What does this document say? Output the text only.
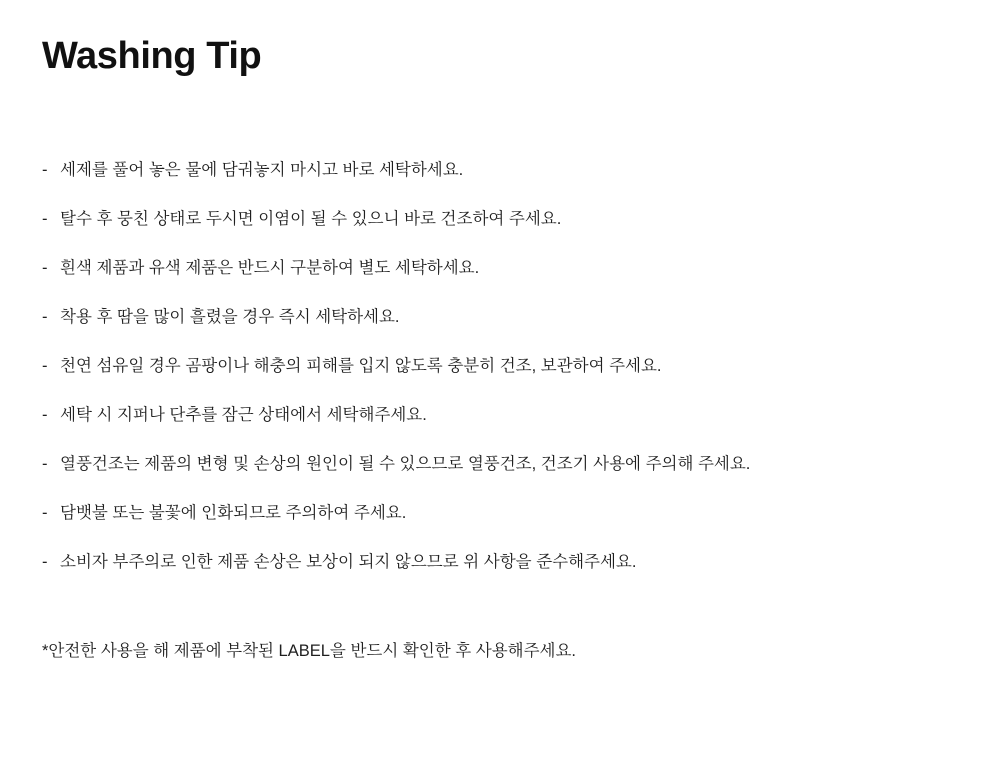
Washing Tip
- 세제를 풀어 놓은 물에 담궈놓지 마시고 바로 세탁하세요.
- 탈수 후 뭉친 상태로 두시면 이염이 될 수 있으니 바로 건조하여 주세요.
- 흰색 제품과 유색 제품은 반드시 구분하여 별도 세탁하세요.
- 착용 후 땀을 많이 흘렸을 경우 즉시 세탁하세요.
- 천연 섬유일 경우 곰팡이나 해충의 피해를 입지 않도록 충분히 건조, 보관하여 주세요.
- 세탁 시 지퍼나 단추를 잠근 상태에서 세탁해주세요.
- 열풍건조는 제품의 변형 및 손상의 원인이 될 수 있으므로 열풍건조, 건조기 사용에 주의해 주세요.
- 담뱃불 또는 불꽃에 인화되므로 주의하여 주세요.
- 소비자 부주의로 인한 제품 손상은 보상이 되지 않으므로 위 사항을 준수해주세요.
*안전한 사용을 해 제품에 부착된 LABEL을 반드시 확인한 후 사용해주세요.
